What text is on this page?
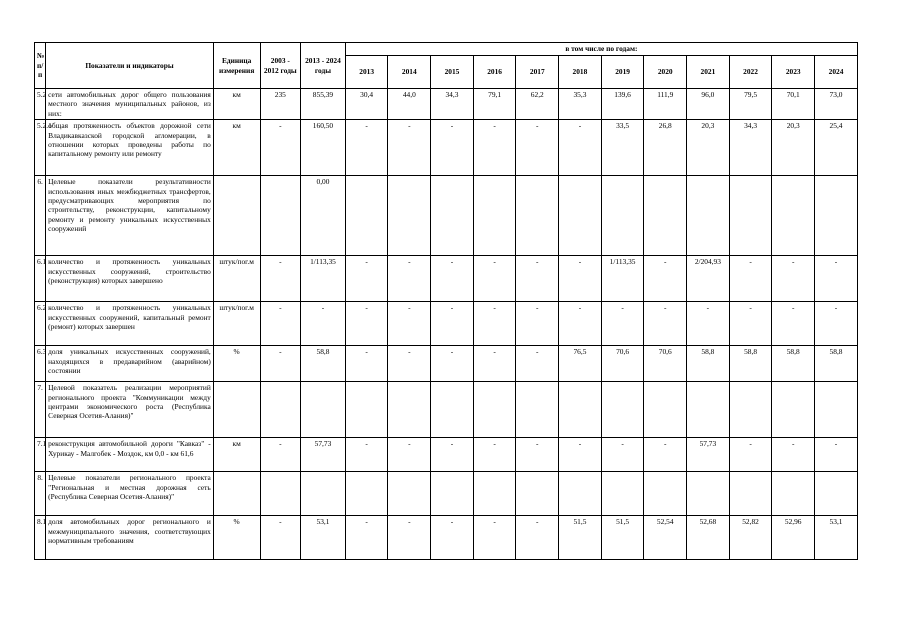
№ п/п	Показатели и индикаторы	Единица измерения	2003 - 2012 годы	2013 - 2024 годы	в том числе по годам:											
					2013	2014	2015	2016	2017	2018	2019	2020	2021	2022	2023	2024
5.2	сети автомобильных дорог общего пользования местного значения муниципальных районов, из них:	км	235	855,39	30,4	44,0	34,3	79,1	62,2	35,3	139,6	111,9	96,0	79,5	70,1	73,0
5.2.1	общая протяженность объектов дорожной сети Владикавказской городской агломерации, в отношении которых проведены работы по капитальному ремонту или ремонту	км	-	160,50	-	-	-	-	-	-	33,5	26,8	20,3	34,3	20,3	25,4
6.	Целевые показатели результативности использования иных межбюджетных трансфертов, предусматривающих мероприятия по строительству, реконструкции, капитальному ремонту и ремонту уникальных искусственных сооружений			0,00												
6.1	количество и протяженность уникальных искусственных сооружений, строительство (реконструкция) которых завершено	штук/пог.м	-	1/113,35	-	-	-	-	-	-	1/113,35	-	2/204,93	-	-	-
6.2	количество и протяженность уникальных искусственных сооружений, капитальный ремонт (ремонт) которых завершен	штук/пог.м	-	-	-	-	-	-	-	-	-	-	-	-	-	-
6.3	доля уникальных искусственных сооружений, находящихся в предаварийном (аварийном) состоянии	%	-	58,8	-	-	-	-	-	76,5	70,6	70,6	58,8	58,8	58,8	58,8
7.	Целевой показатель реализации мероприятий регионального проекта "Коммуникации между центрами экономического роста (Республика Северная Осетия-Алания)"															
7.1	реконструкция автомобильной дороги "Кавказ" - Хурикау - Малгобек - Моздок, км 0,0 - км 61,6	км	-	57,73	-	-	-	-	-	-	-	-	57,73	-	-	-
8.	Целевые показатели регионального проекта "Региональная и местная дорожная сеть (Республика Северная Осетия-Алания)"															
8.1	доля автомобильных дорог регионального и межмуниципального значения, соответствующих нормативным требованиям	%	-	53,1	-	-	-	-	-	51,5	51,5	52,54	52,68	52,82	52,96	53,1
